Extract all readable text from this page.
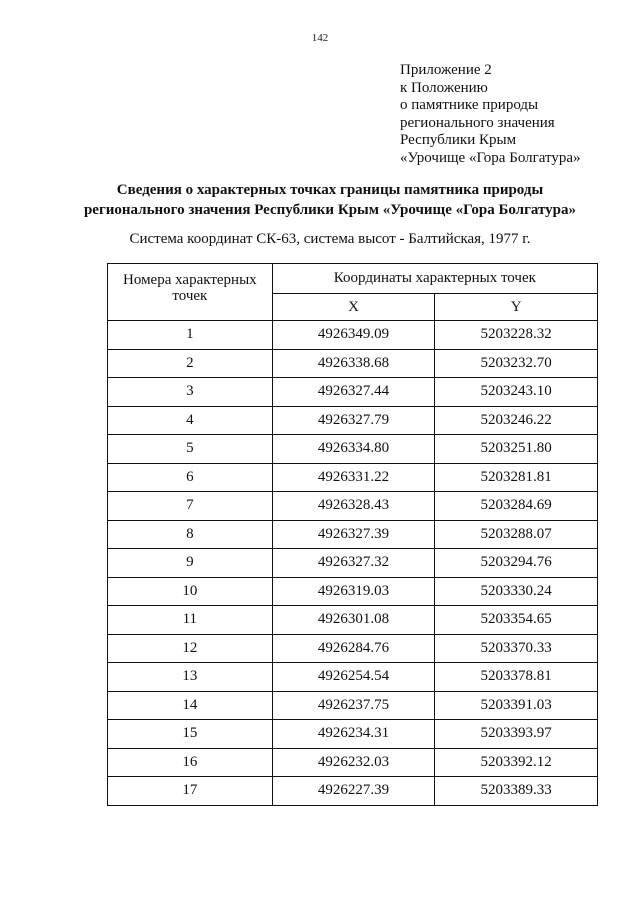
142
Приложение 2
к Положению
о памятнике природы
регионального значения
Республики Крым
«Урочище «Гора Болгатура»
Сведения о характерных точках границы памятника природы
регионального значения Республики Крым «Урочище «Гора Болгатура»
Система координат СК-63, система высот - Балтийская, 1977 г.
Номера характерных точек	Координаты характерных точек	
	X	Y
1	4926349.09	5203228.32
2	4926338.68	5203232.70
3	4926327.44	5203243.10
4	4926327.79	5203246.22
5	4926334.80	5203251.80
6	4926331.22	5203281.81
7	4926328.43	5203284.69
8	4926327.39	5203288.07
9	4926327.32	5203294.76
10	4926319.03	5203330.24
11	4926301.08	5203354.65
12	4926284.76	5203370.33
13	4926254.54	5203378.81
14	4926237.75	5203391.03
15	4926234.31	5203393.97
16	4926232.03	5203392.12
17	4926227.39	5203389.33
